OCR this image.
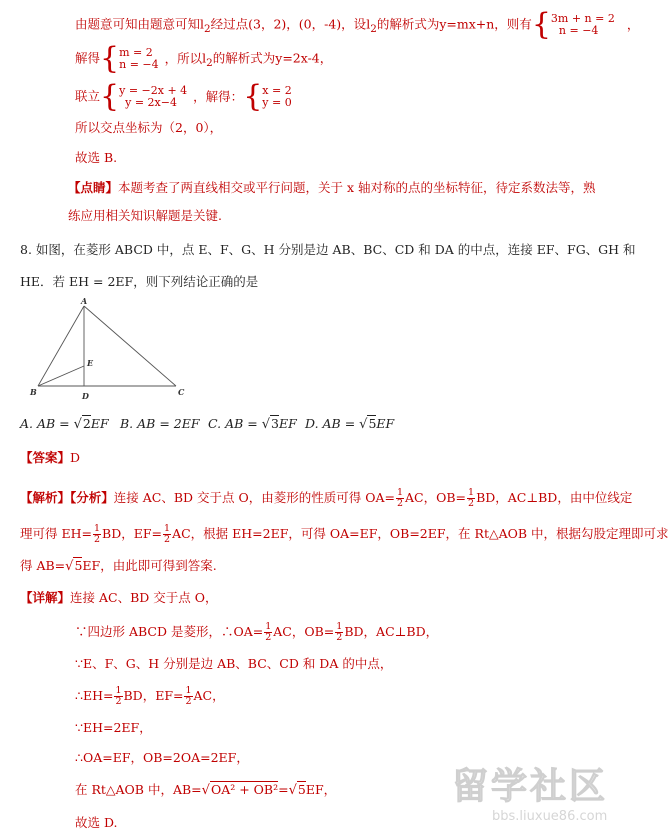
由题意可知由题意可知$l_2$经过点(3，2)，(0，-4)，设$l_2$的解析式为y=mx+n，则有{ 3m + n = 2
n = −4	，
解得{ m = 2
n = −4 ，所以$l_2$的解析式为y=2x-4，
联立{ y = −2x + 4
y = 2x−4	，解得：{ x = 2
y = 0
所以交点坐标为（2，0），
故选 B.
【点睛】本题考查了两直线相交或平行问题，关于 x 轴对称的点的坐标特征，待定系数法等，熟
练应用相关知识解题是关键.
8. 如图，在菱形 ABCD 中，点 E、F、G、H 分别是边 AB、BC、CD 和 DA 的中点，连接 EF、FG、GH 和
HE．若 EH = 2EF，则下列结论正确的是
A
B	C
D
E
A. AB = √2EF B. AB = 2EF C. AB = √3EF D. AB = √5EF
【答案】D
【解析】【分析】连接 AC、BD 交于点 O，由菱形的性质可得 $OA= \frac{1}{2}$ AC，$OB= \frac{1}{2}$ BD，AC⊥BD，由中位线定
理可得 $EH= \frac{1}{2}$ BD，$EF= \frac{1}{2}$ AC，根据 EH=2EF，可得 OA=EF，OB=2EF，在 Rt△AOB 中，根据勾股定理即可求
得 AB=√5EF，由此即可得到答案.
【详解】连接 AC、BD 交于点 O，
∵四边形 ABCD 是菱形，∴OA= $\frac{1}{2}$ AC，$OB= \frac{1}{2}$ BD，AC⊥BD，
∵E、F、G、H 分别是边 AB、BC、CD 和 DA 的中点，
∴EH= $\frac{1}{2}$ BD，$EF= \frac{1}{2}$ AC，
∵EH=2EF，
∴OA=EF，OB=2OA=2EF，
在 Rt△AOB 中，AB=√OA² + OB²=√5EF，
故选 D.
留学社区
bbs.liuxue86.com
